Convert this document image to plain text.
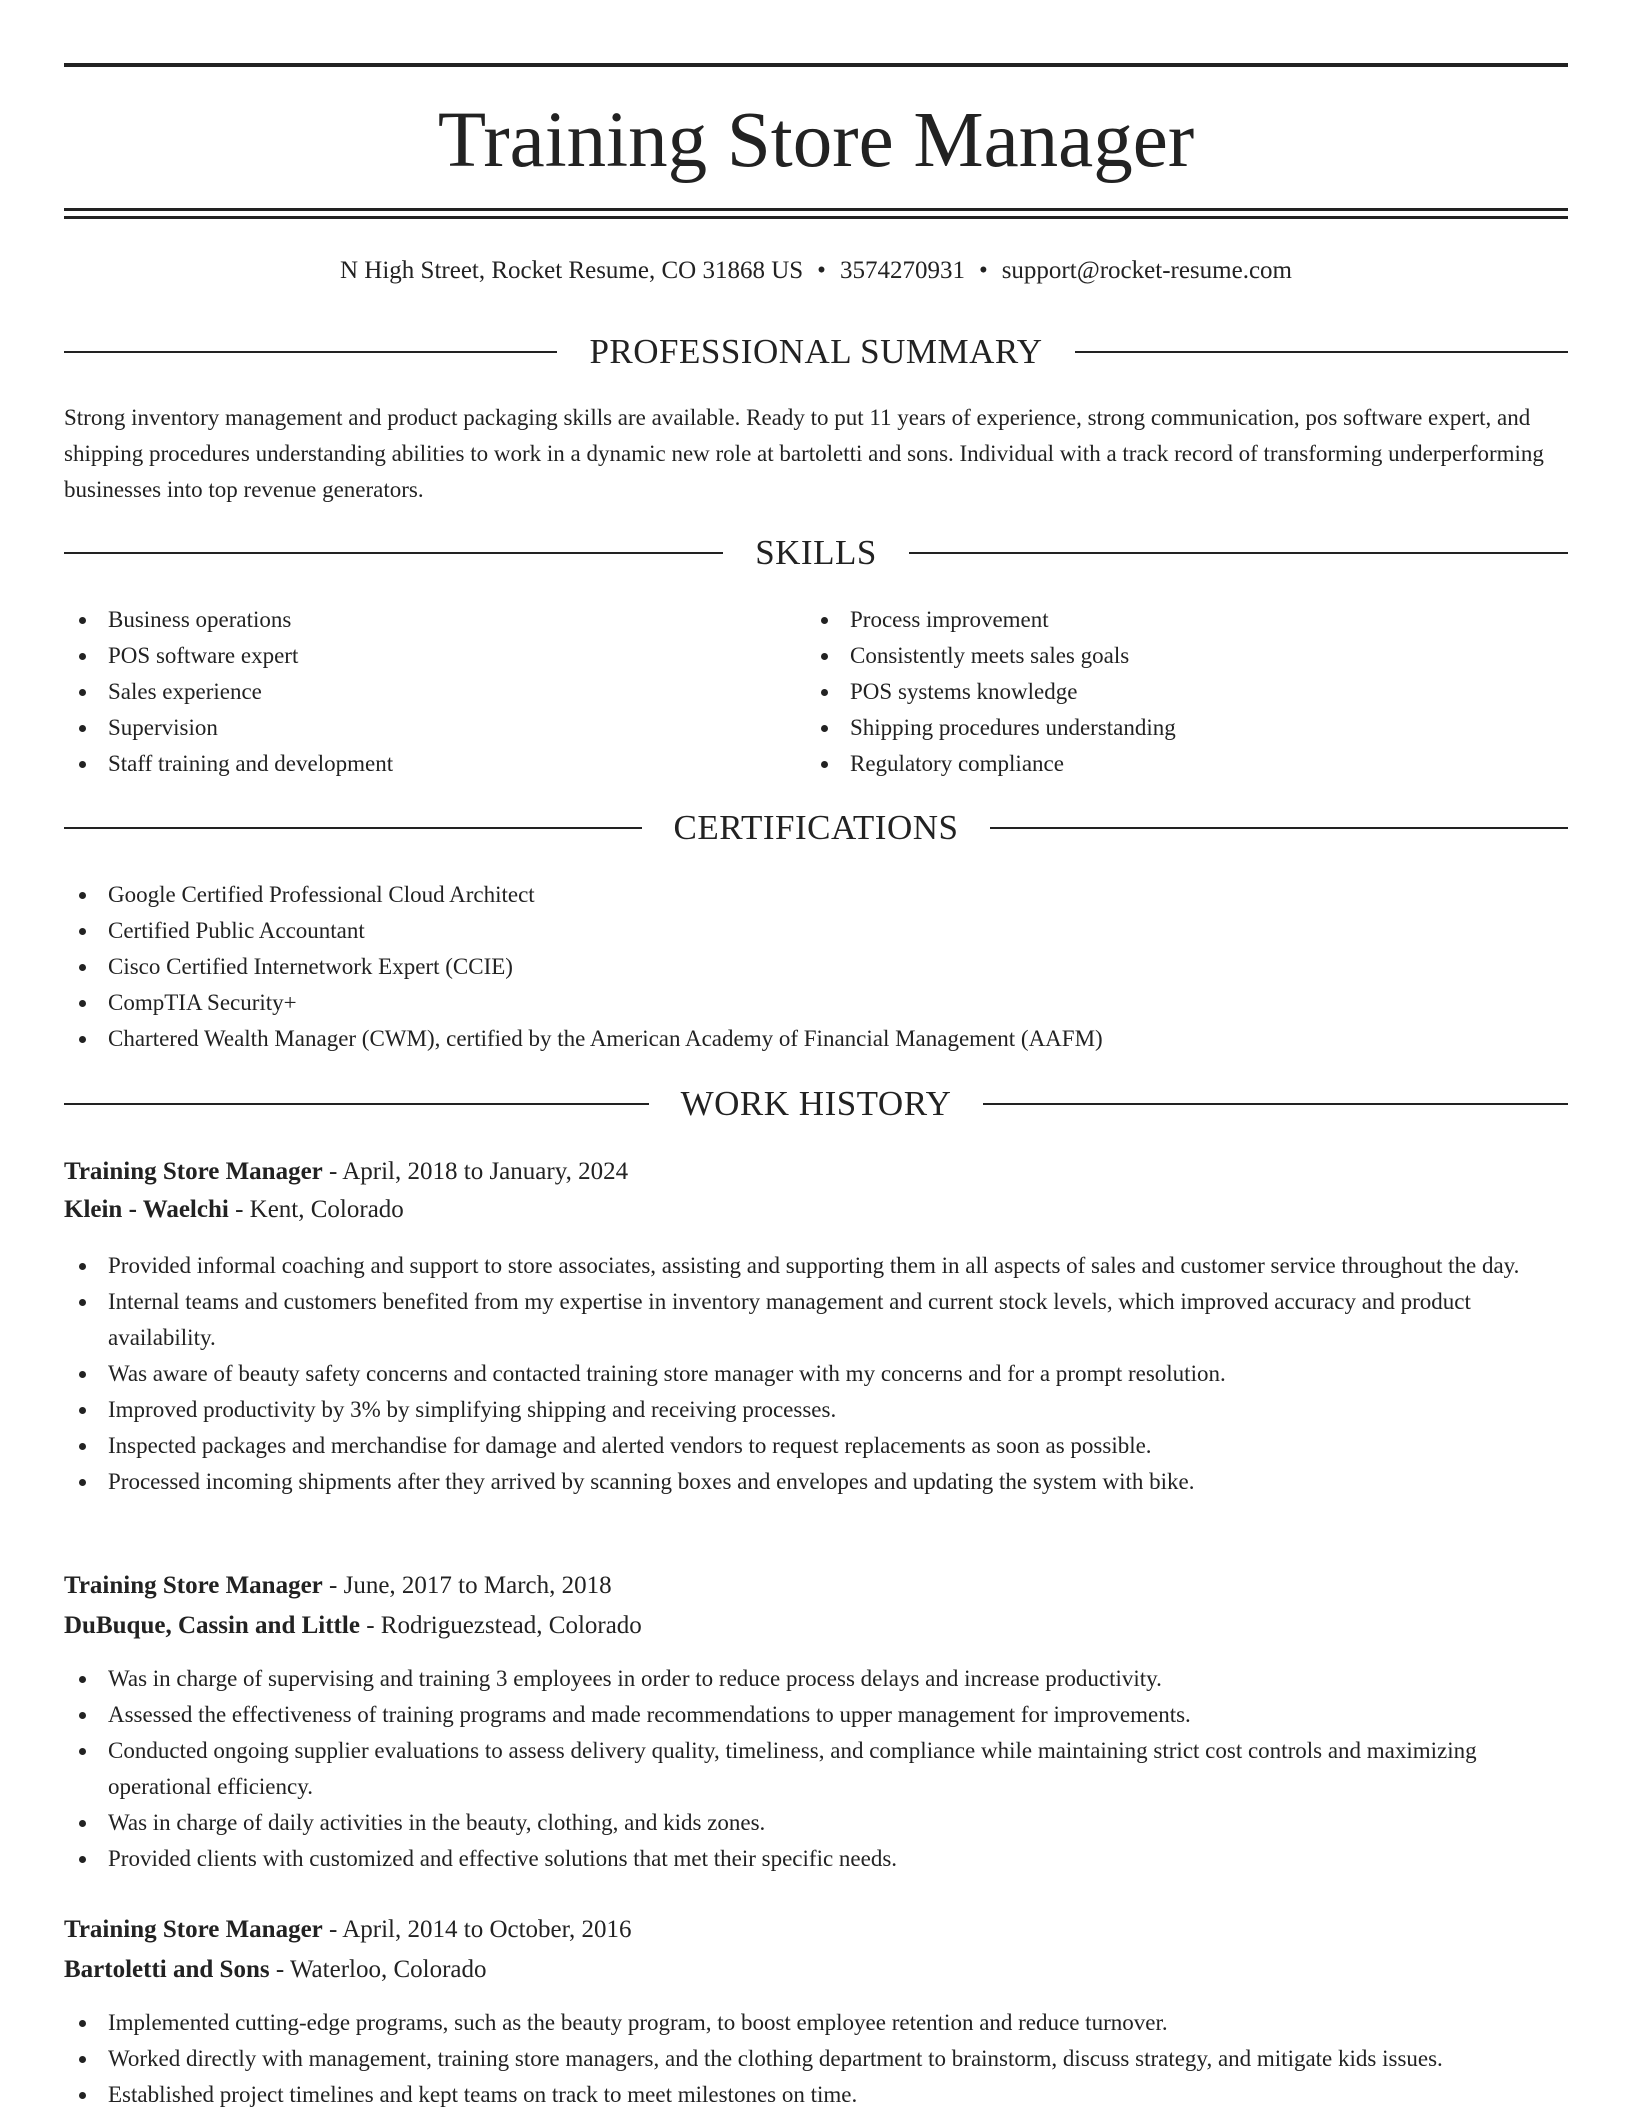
Training Store Manager
N High Street, Rocket Resume, CO 31868 US • 3574270931 • support@rocket-resume.com
PROFESSIONAL SUMMARY

Strong inventory management and product packaging skills are available. Ready to put 11 years of experience, strong communication, pos software expert, and shipping procedures understanding abilities to work in a dynamic new role at bartoletti and sons. Individual with a track record of transforming underperforming businesses into top revenue generators.

SKILLS
Business operations
POS software expert
Sales experience
Supervision
Staff training and development
Process improvement
Consistently meets sales goals
POS systems knowledge
Shipping procedures understanding
Regulatory compliance
CERTIFICATIONS
Google Certified Professional Cloud Architect
Certified Public Accountant
Cisco Certified Internetwork Expert (CCIE)
CompTIA Security+
Chartered Wealth Manager (CWM), certified by the American Academy of Financial Management (AAFM)
WORK HISTORY
Training Store Manager - April, 2018 to January, 2024
Klein - Waelchi - Kent, Colorado
Provided informal coaching and support to store associates, assisting and supporting them in all aspects of sales and customer service throughout the day.
Internal teams and customers benefited from my expertise in inventory management and current stock levels, which improved accuracy and product availability.
Was aware of beauty safety concerns and contacted training store manager with my concerns and for a prompt resolution.
Improved productivity by 3% by simplifying shipping and receiving processes.
Inspected packages and merchandise for damage and alerted vendors to request replacements as soon as possible.
Processed incoming shipments after they arrived by scanning boxes and envelopes and updating the system with bike.
Training Store Manager - June, 2017 to March, 2018
DuBuque, Cassin and Little - Rodriguezstead, Colorado
Was in charge of supervising and training 3 employees in order to reduce process delays and increase productivity.
Assessed the effectiveness of training programs and made recommendations to upper management for improvements.
Conducted ongoing supplier evaluations to assess delivery quality, timeliness, and compliance while maintaining strict cost controls and maximizing operational efficiency.
Was in charge of daily activities in the beauty, clothing, and kids zones.
Provided clients with customized and effective solutions that met their specific needs.
Training Store Manager - April, 2014 to October, 2016
Bartoletti and Sons - Waterloo, Colorado
Implemented cutting-edge programs, such as the beauty program, to boost employee retention and reduce turnover.
Worked directly with management, training store managers, and the clothing department to brainstorm, discuss strategy, and mitigate kids issues.
Established project timelines and kept teams on track to meet milestones on time.
